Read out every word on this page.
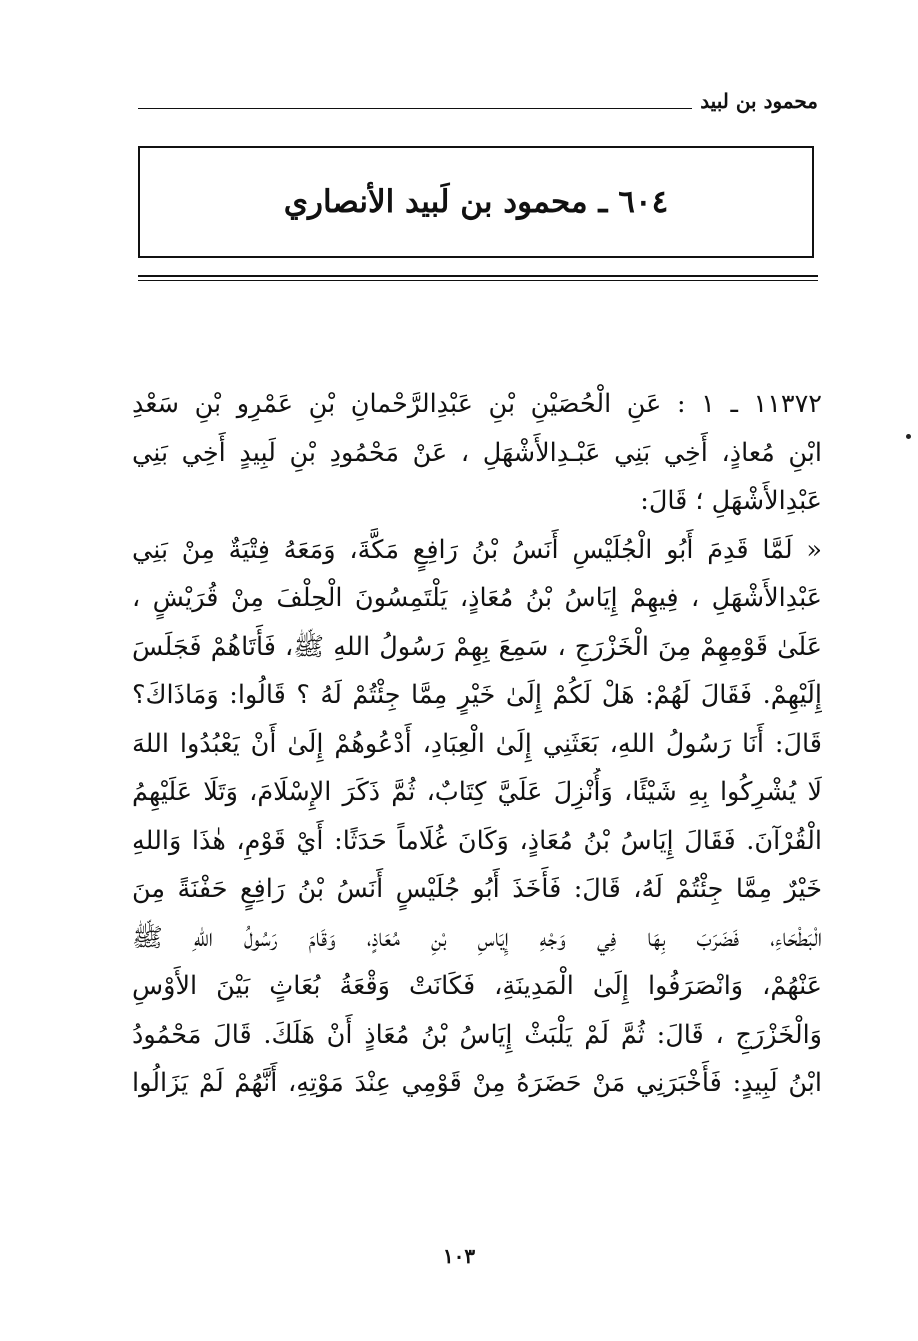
محمود بن لبيد
٦٠٤ ـ محمود بن لَبيد الأنصاري
١١٣٧٢ ـ ١ : عَنِ الْحُصَيْنِ بْنِ عَبْدِالرَّحْمانِ بْنِ عَمْرِو بْنِ سَعْدِ
ابْنِ مُعاذٍ، أَخِي بَنِي عَبْـدِالأَشْهَلِ ، عَنْ مَحْمُودِ بْنِ لَبِيدٍ أَخِي بَنِي
عَبْدِالأَشْهَلِ ؛ قَالَ:
« لَمَّا قَدِمَ أَبُو الْجُلَيْسِ أَنَسُ بْنُ رَافِعٍ مَكَّةَ، وَمَعَهُ فِتْيَةٌ مِنْ بَنِي
عَبْدِالأَشْهَلِ ، فِيهِمْ إِيَاسُ بْنُ مُعَاذٍ، يَلْتَمِسُونَ الْحِلْفَ مِنْ قُرَيْشٍ ،
عَلَىٰ قَوْمِهِمْ مِنَ الْخَزْرَجِ ، سَمِعَ بِهِمْ رَسُولُ اللهِ ﷺ، فَأَتَاهُمْ فَجَلَسَ
إِلَيْهِمْ. فَقَالَ لَهُمْ: هَلْ لَكُمْ إِلَىٰ خَيْرٍ مِمَّا جِئْتُمْ لَهُ ؟ قَالُوا: وَمَاذَاكَ؟
قَالَ: أَنَا رَسُولُ اللهِ، بَعَثَنِي إِلَىٰ الْعِبَادِ، أَدْعُوهُمْ إِلَىٰ أَنْ يَعْبُدُوا اللهَ
لَا يُشْرِكُوا بِهِ شَيْئًا، وَأُنْزِلَ عَلَيَّ كِتَابٌ، ثُمَّ ذَكَرَ الإِسْلَامَ، وَتَلَا عَلَيْهِمُ
الْقُرْآنَ. فَقَالَ إِيَاسُ بْنُ مُعَاذٍ، وَكَانَ غُلَاماً حَدَثًا: أَيْ قَوْمِ، هٰذَا وَاللهِ
خَيْرٌ مِمَّا جِئْتُمْ لَهُ، قَالَ: فَأَخَذَ أَبُو جُلَيْسٍ أَنَسُ بْنُ رَافِعٍ حَفْنَةً مِنَ
الْبَطْحَاءِ، فَضَرَبَ بِهَا فِي وَجْهِ إِيَاسِ بْنِ مُعَاذٍ، وَقَامَ رَسُولُ اللهِ ﷺ
عَنْهُمْ، وَانْصَرَفُوا إِلَىٰ الْمَدِينَةِ، فَكَانَتْ وَقْعَةُ بُعَاثٍ بَيْنَ الأَوْسِ
وَالْخَزْرَجِ ، قَالَ: ثُمَّ لَمْ يَلْبَثْ إِيَاسُ بْنُ مُعَاذٍ أَنْ هَلَكَ. قَالَ مَحْمُودُ
ابْنُ لَبِيدٍ: فَأَخْبَرَنِي مَنْ حَضَرَهُ مِنْ قَوْمِي عِنْدَ مَوْتِهِ، أَنَّهُمْ لَمْ يَزَالُوا
١٠٣
